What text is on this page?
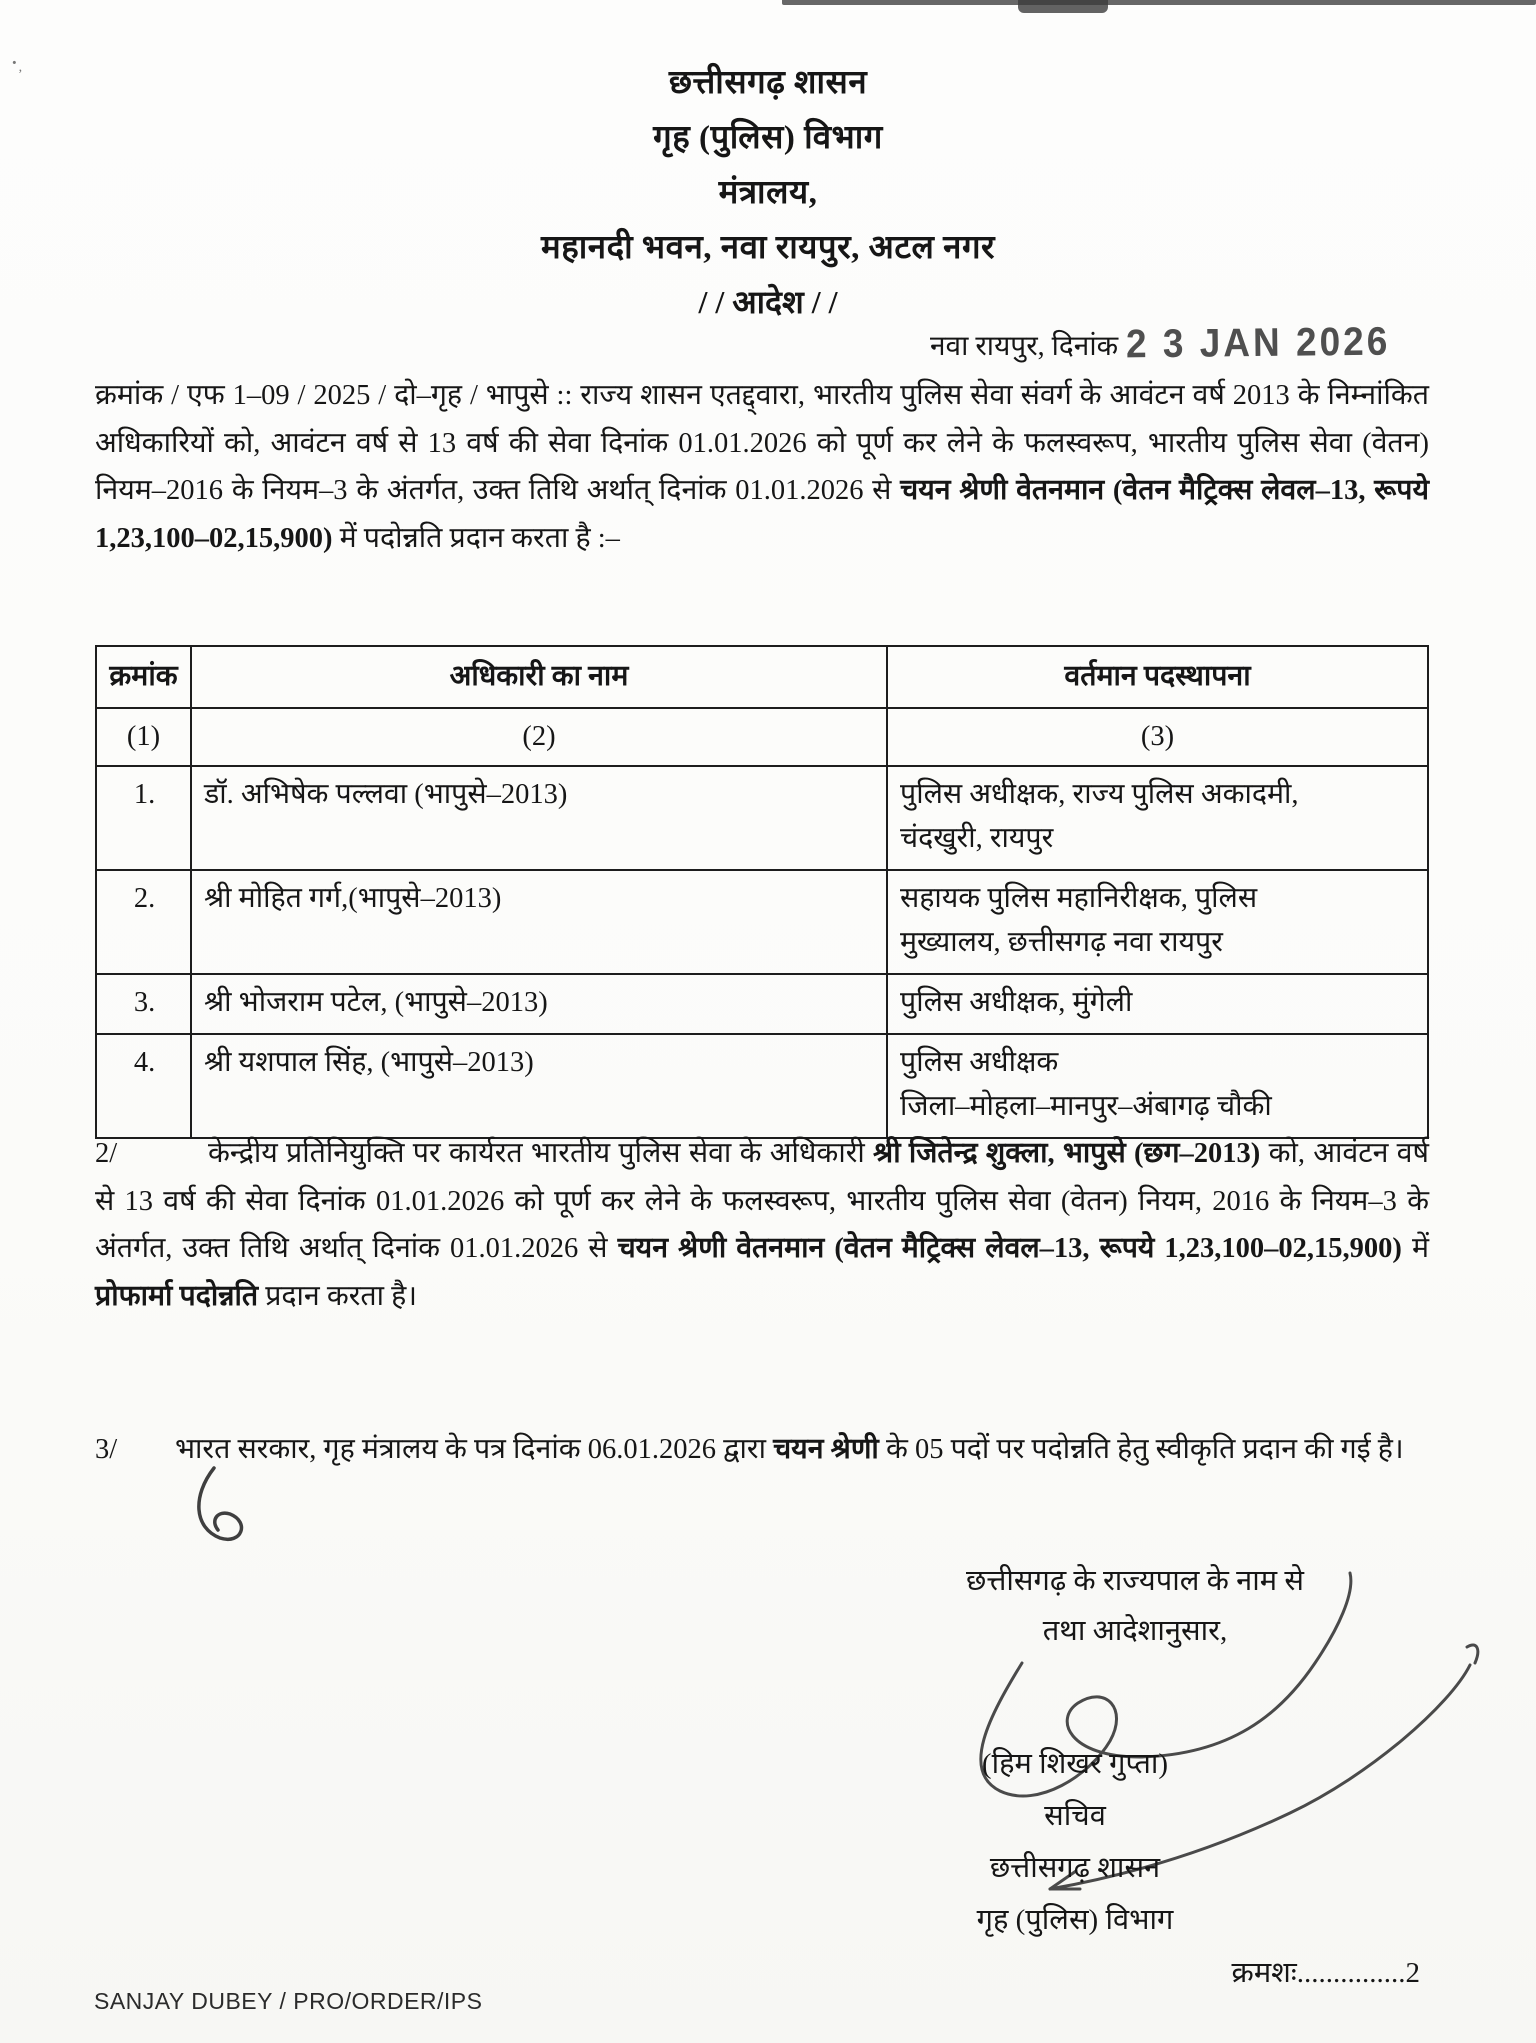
·,	छत्तीसगढ़ शासन
गृह (पुलिस) विभाग
मंत्रालय,
महानदी भवन, नवा रायपुर, अटल नगर
/ / आदेश / /
नवा रायपुर, दिनांक 2 3 JAN 2026
क्रमांक / एफ 1–09 / 2025 / दो–गृह / भापुसे :: राज्य शासन एतद्द्वारा, भारतीय पुलिस सेवा संवर्ग के आवंटन वर्ष 2013 के निम्नांकित अधिकारियों को, आवंटन वर्ष से 13 वर्ष की सेवा दिनांक 01.01.2026 को पूर्ण कर लेने के फलस्वरूप, भारतीय पुलिस सेवा (वेतन) नियम–2016 के नियम–3 के अंतर्गत, उक्त तिथि अर्थात् दिनांक 01.01.2026 से चयन श्रेणी वेतनमान (वेतन मैट्रिक्स लेवल–13, रूपये 1,23,100–02,15,900) में पदोन्नति प्रदान करता है :–
क्रमांक	अधिकारी का नाम	वर्तमान पदस्थापना
(1)	(2)	(3)
1.	डॉ. अभिषेक पल्लवा (भापुसे–2013)	पुलिस अधीक्षक, राज्य पुलिस अकादमी,
चंदखुरी, रायपुर

2.	श्री मोहित गर्ग,(भापुसे–2013)	सहायक पुलिस महानिरीक्षक, पुलिस
मुख्यालय, छत्तीसगढ़ नवा रायपुर

3.	श्री भोजराम पटेल, (भापुसे–2013)	पुलिस अधीक्षक, मुंगेली

4.	श्री यशपाल सिंह, (भापुसे–2013)	पुलिस अधीक्षक
जिला–मोहला–मानपुर–अंबागढ़ चौकी
2/	केन्द्रीय प्रतिनियुक्ति पर कार्यरत भारतीय पुलिस सेवा के अधिकारी श्री जितेन्द्र शुक्ला, भापुसे (छग–2013) को, आवंटन वर्ष से 13 वर्ष की सेवा दिनांक 01.01.2026 को पूर्ण कर लेने के फलस्वरूप, भारतीय पुलिस सेवा (वेतन) नियम, 2016 के नियम–3 के अंतर्गत, उक्त तिथि अर्थात् दिनांक 01.01.2026 से चयन श्रेणी वेतनमान (वेतन मैट्रिक्स लेवल–13, रूपये 1,23,100–02,15,900) में प्रोफार्मा पदोन्नति प्रदान करता है।
3/ भारत सरकार, गृह मंत्रालय के पत्र दिनांक 06.01.2026 द्वारा चयन श्रेणी के 05 पदों पर पदोन्नति हेतु स्वीकृति प्रदान की गई है।
छत्तीसगढ़ के राज्यपाल के नाम से
तथा आदेशानुसार,
(हिम शिखर गुप्ता)
सचिव
छत्तीसगढ़ शासन
गृह (पुलिस) विभाग
क्रमशः...............2
SANJAY DUBEY / PRO/ORDER/IPS
